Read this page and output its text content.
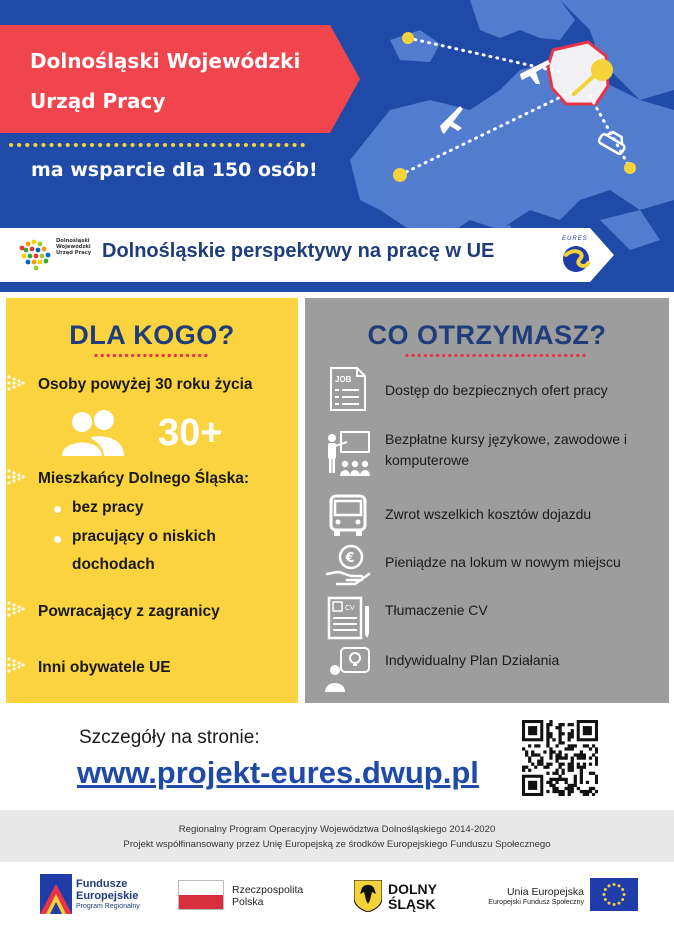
Dolnośląski Wojewódzki
Urząd Pracy
ma wsparcie dla 150 osób!
Dolnośląski
Wojewódzki
Urząd Pracy Dolnośląskie perspektywy na pracę w UE
EURES
DLA KOGO?
Osoby powyżej 30 roku życia
30+
Mieszkańcy Dolnego Śląska:
bez pracy
pracujący o niskich
dochodach
Powracający z zagranicy
Inni obywatele UE
CO OTRZYMASZ?
JOB
Dostęp do bezpiecznych ofert pracy
Bezpłatne kursy językowe, zawodowe i komputerowe
Zwrot wszelkich kosztów dojazdu
€ Pieniądze na lokum w nowym miejscu
CV Tłumaczenie CV
Indywidualny Plan Działania
Szczegóły na stronie:
www.projekt-eures.dwup.pl
Regionalny Program Operacyjny Województwa Dolnośląskiego 2014-2020
Projekt współfinansowany przez Unię Europejską ze środków Europejskiego Funduszu Społecznego
Fundusze
Europejskie
Program Regionalny
Rzeczpospolita
Polska
DOLNY
ŚLĄSK
Unia Europejska
Europejski Fundusz Społeczny
